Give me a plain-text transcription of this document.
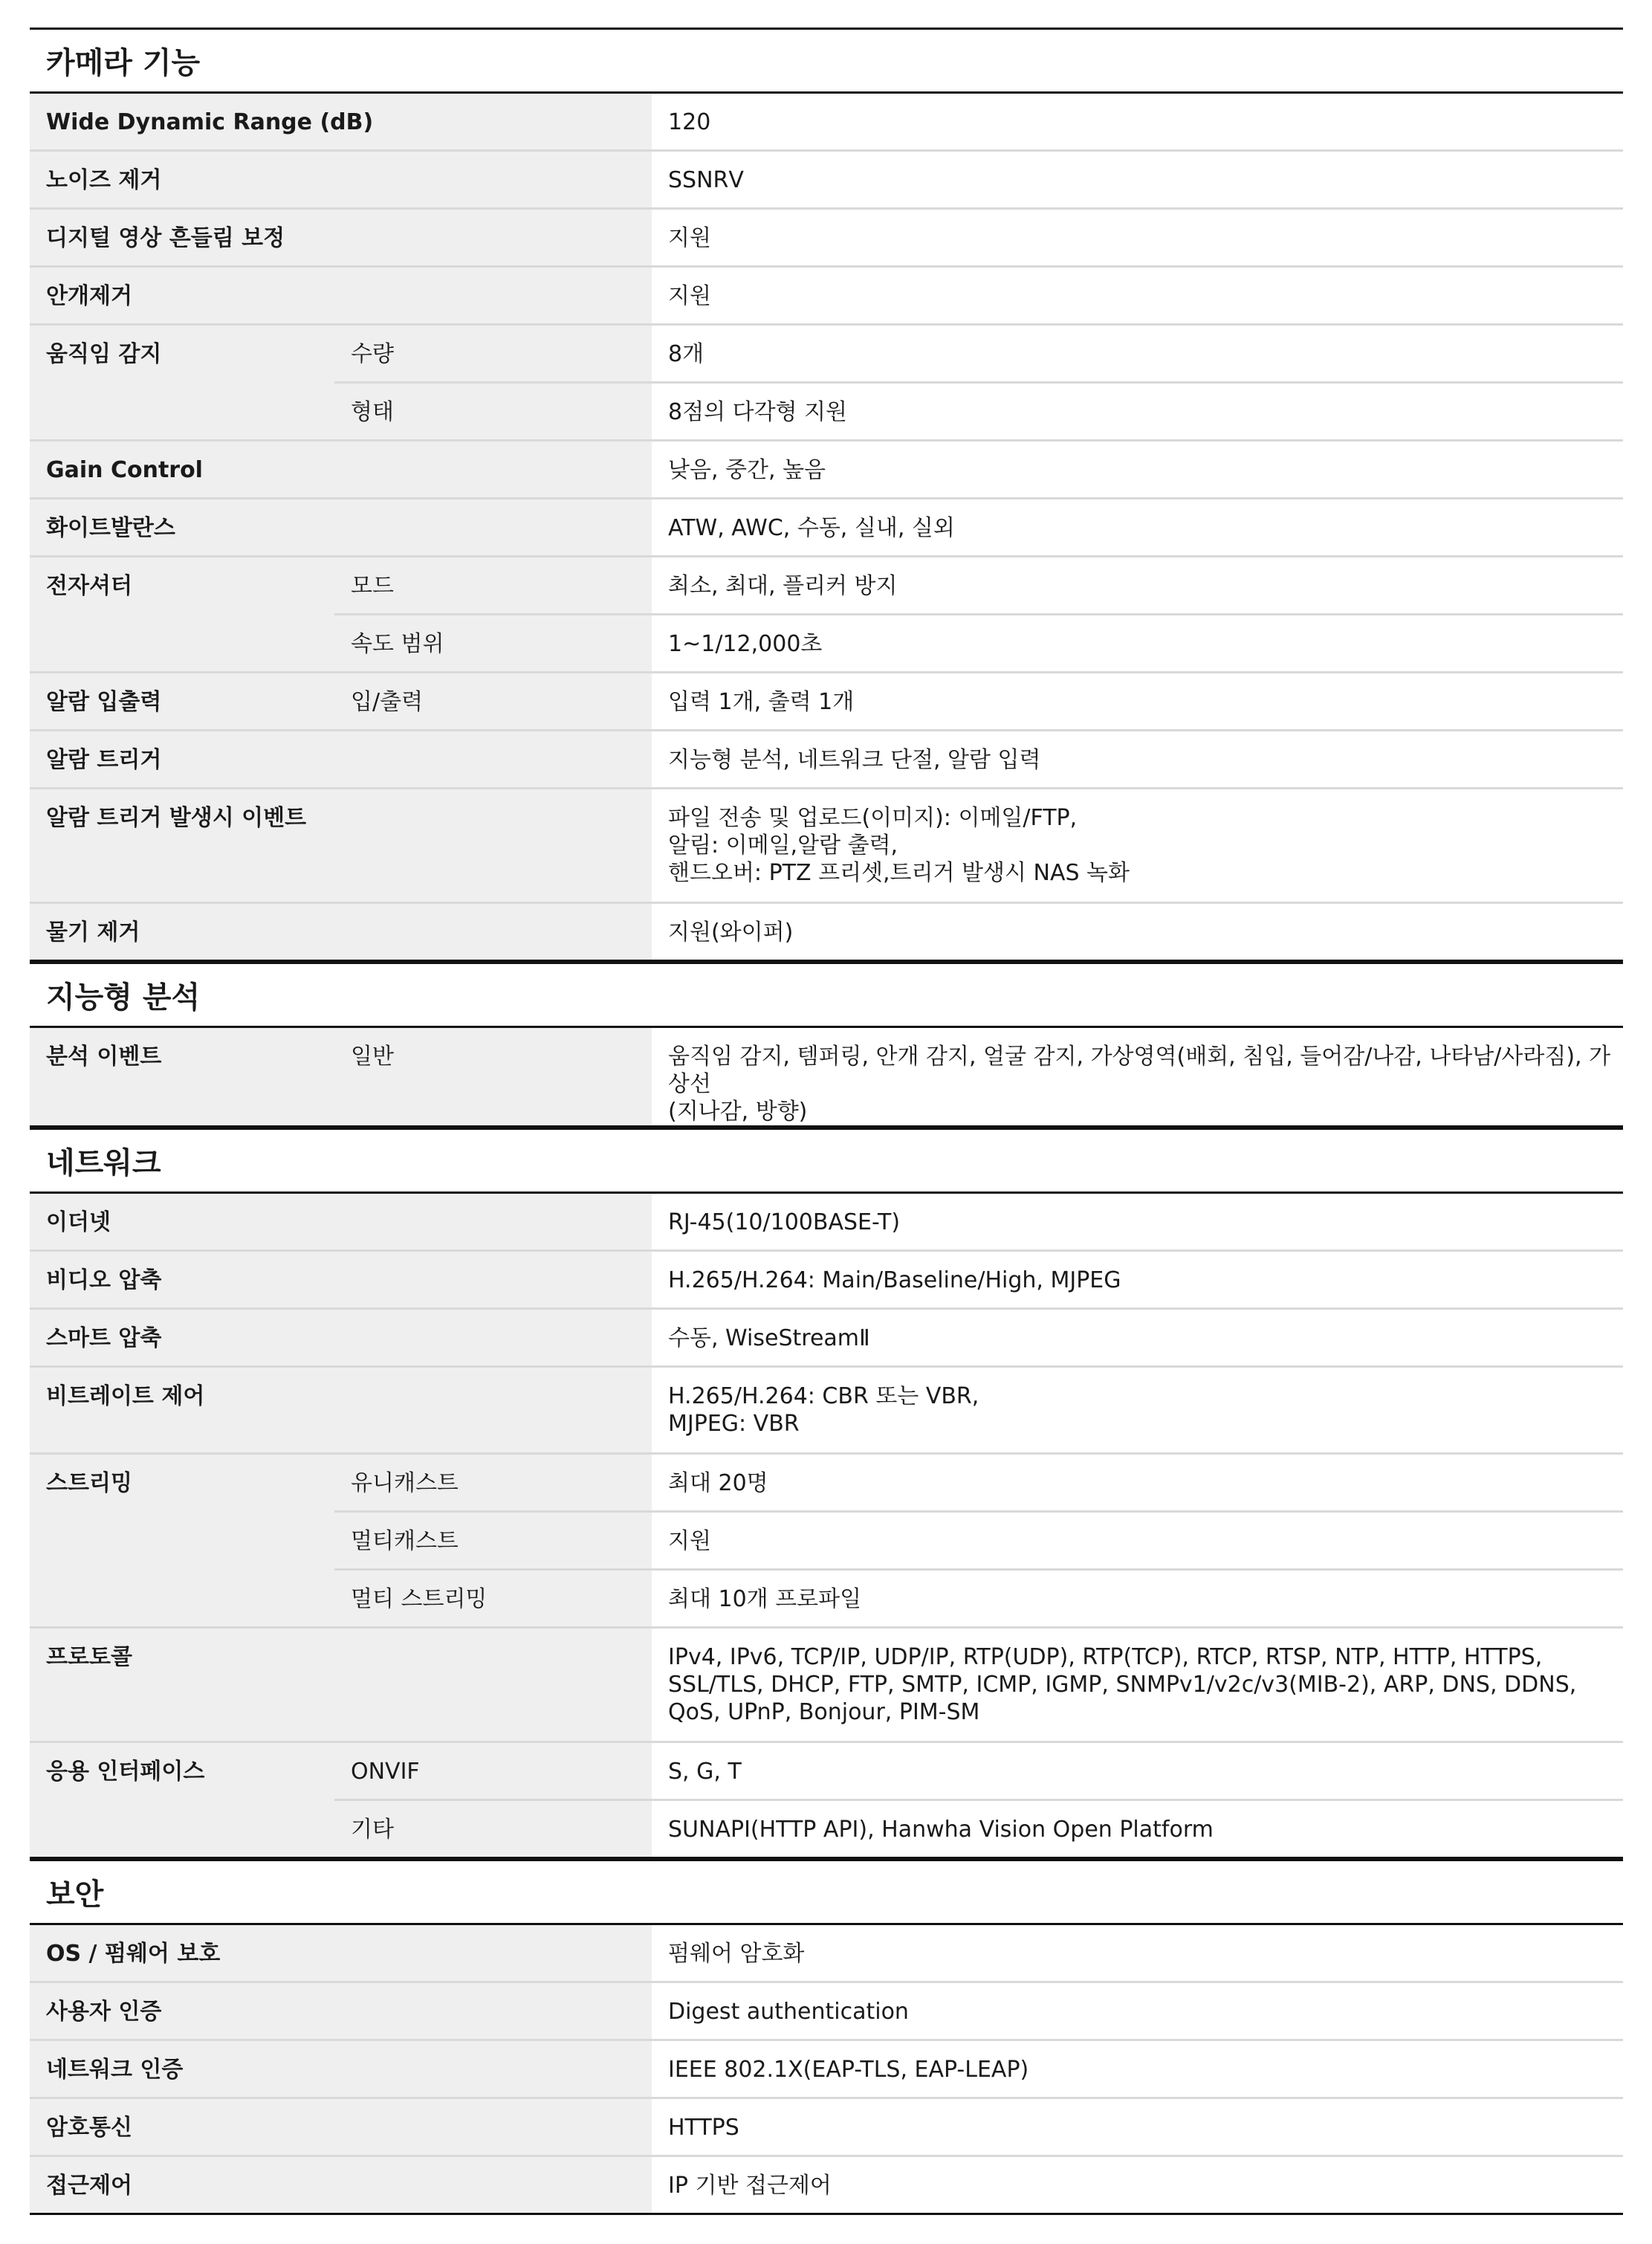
카메라 기능
Wide Dynamic Range (dB)		120
노이즈 제거		SSNRⅤ
디지털 영상 흔들림 보정		지원
안개제거		지원
움직임 감지	수량	8개
	형태	8점의 다각형 지원
Gain Control		낮음, 중간, 높음
화이트발란스		ATW, AWC, 수동, 실내, 실외
전자셔터	모드	최소, 최대, 플리커 방지
	속도 범위	1~1/12,000초
알람 입출력	입/출력	입력 1개, 출력 1개
알람 트리거		지능형 분석, 네트워크 단절, 알람 입력
알람 트리거 발생시 이벤트		파일 전송 및 업로드(이미지): 이메일/FTP,
알림: 이메일,알람 출력,
핸드오버: PTZ 프리셋,트리거 발생시 NAS 녹화
물기 제거		지원(와이퍼)
지능형 분석
분석 이벤트	일반	움직임 감지, 템퍼링, 안개 감지, 얼굴 감지, 가상영역(배회, 침입, 들어감/나감, 나타남/사라짐), 가상선
(지나감, 방향)
네트워크
이더넷		RJ-45(10/100BASE-T)
비디오 압축		H.265/H.264: Main/Baseline/High, MJPEG
스마트 압축		수동, WiseStreamⅡ
비트레이트 제어		H.265/H.264: CBR 또는 VBR,
MJPEG: VBR
스트리밍	유니캐스트	최대 20명
	멀티캐스트	지원
	멀티 스트리밍	최대 10개 프로파일
프로토콜		IPv4, IPv6, TCP/IP, UDP/IP, RTP(UDP), RTP(TCP), RTCP, RTSP, NTP, HTTP, HTTPS,
SSL/TLS, DHCP, FTP, SMTP, ICMP, IGMP, SNMPv1/v2c/v3(MIB-2), ARP, DNS, DDNS,
QoS, UPnP, Bonjour, PIM-SM
응용 인터페이스	ONVIF	S, G, T
	기타	SUNAPI(HTTP API), Hanwha Vision Open Platform
보안
OS / 펌웨어 보호	펌웨어 암호화
사용자 인증	Digest authentication
네트워크 인증	IEEE 802.1X(EAP-TLS, EAP-LEAP)
암호통신	HTTPS
접근제어	IP 기반 접근제어
